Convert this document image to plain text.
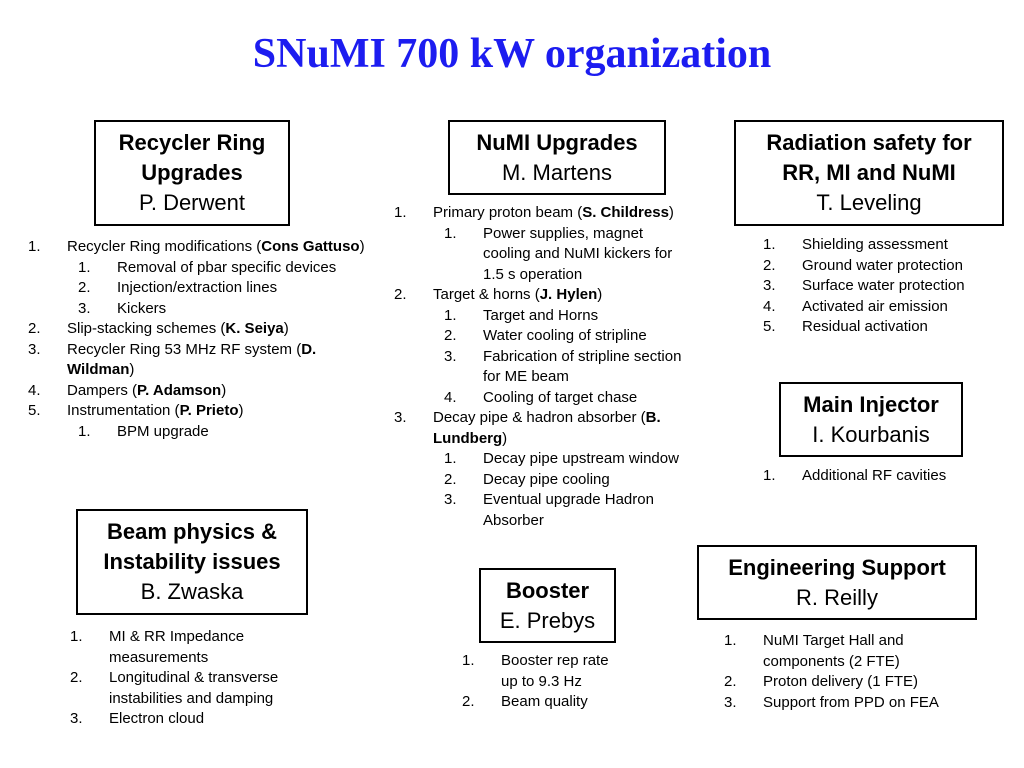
SNuMI 700 kW organization
Recycler Ring
Upgrades
P. Derwent
NuMI Upgrades
M. Martens
Radiation safety for
RR, MI and NuMI
T. Leveling
Main Injector
I. Kourbanis
Beam physics &
Instability issues
B. Zwaska	Booster
E. Prebys
Engineering Support
R. Reilly
1. Recycler Ring modifications (Cons Gattuso)
1. Removal of pbar specific devices
2. Injection/extraction lines
3. Kickers
2. Slip-stacking schemes (K. Seiya)
3. Recycler Ring 53 MHz RF system (D.
Wildman)
4. Dampers (P. Adamson)
5. Instrumentation (P. Prieto)
1. BPM upgrade
1. Primary proton beam (S. Childress)
1. Power supplies, magnet
cooling and NuMI kickers for
1.5 s operation
2. Target & horns (J. Hylen)
1. Target and Horns
2. Water cooling of stripline
3. Fabrication of stripline section
for ME beam
4. Cooling of target chase
3. Decay pipe & hadron absorber (B.
Lundberg)
1. Decay pipe upstream window
2. Decay pipe cooling
3. Eventual upgrade Hadron
Absorber
1. Shielding assessment
2. Ground water protection
3. Surface water protection
4. Activated air emission
5. Residual activation
1. Additional RF cavities
1. MI & RR Impedance
measurements
2. Longitudinal & transverse
instabilities and damping
3. Electron cloud
1. Booster rep rate
up to 9.3 Hz
2. Beam quality
1. NuMI Target Hall and
components (2 FTE)
2. Proton delivery (1 FTE)
3. Support from PPD on FEA
